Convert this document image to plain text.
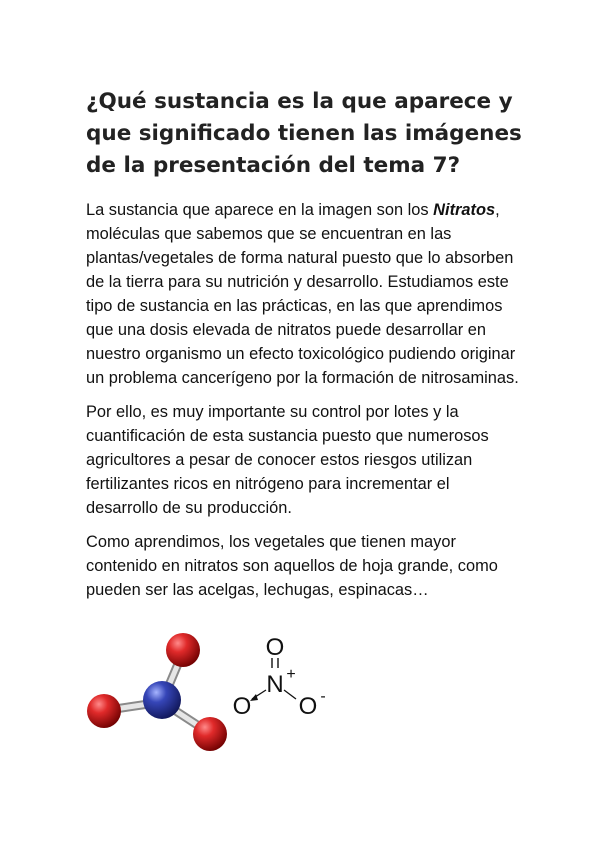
¿Qué sustancia es la que aparece y que significado tienen las imágenes de la presentación del tema 7?

La sustancia que aparece en la imagen son los Nitratos, moléculas que sabemos que se encuentran en las plantas/vegetales de forma natural puesto que lo absorben de la tierra para su nutrición y desarrollo. Estudiamos este tipo de sustancia en las prácticas, en las que aprendimos que una dosis elevada de nitratos puede desarrollar en nuestro organismo un efecto toxicológico pudiendo originar un problema cancerígeno por la formación de nitrosaminas.

Por ello, es muy importante su control por lotes y la cuantificación de esta sustancia puesto que numerosos agricultores a pesar de conocer estos riesgos utilizan fertilizantes ricos en nitrógeno para incrementar el desarrollo de su producción.

Como aprendimos, los vegetales que tienen mayor contenido en nitratos son aquellos de hoja grande, como pueden ser las acelgas, lechugas, espinacas…

O
N +
O O -
